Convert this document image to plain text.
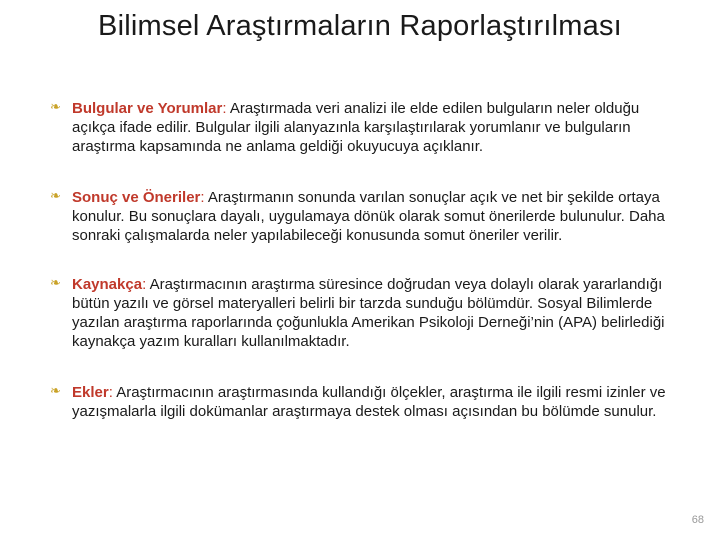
Bilimsel Araştırmaların Raporlaştırılması
❧ Bulgular ve Yorumlar: Araştırmada veri analizi ile elde edilen bulguların neler olduğu açıkça ifade edilir. Bulgular ilgili alanyazınla karşılaştırılarak yorumlanır ve bulguların araştırma kapsamında ne anlama geldiği okuyucuya açıklanır.
❧ Sonuç ve Öneriler: Araştırmanın sonunda varılan sonuçlar açık ve net bir şekilde ortaya konulur. Bu sonuçlara dayalı, uygulamaya dönük olarak somut önerilerde bulunulur. Daha sonraki çalışmalarda neler yapılabileceği konusunda somut öneriler verilir.
❧ Kaynakça: Araştırmacının araştırma süresince doğrudan veya dolaylı olarak yararlandığı bütün yazılı ve görsel materyalleri belirli bir tarzda sunduğu bölümdür. Sosyal Bilimlerde yazılan araştırma raporlarında çoğunlukla Amerikan Psikoloji Derneği’nin (APA) belirlediği kaynakça yazım kuralları kullanılmaktadır.
❧ Ekler: Araştırmacının araştırmasında kullandığı ölçekler, araştırma ile ilgili resmi izinler ve yazışmalarla ilgili dokümanlar araştırmaya destek olması açısından bu bölümde sunulur.
68
